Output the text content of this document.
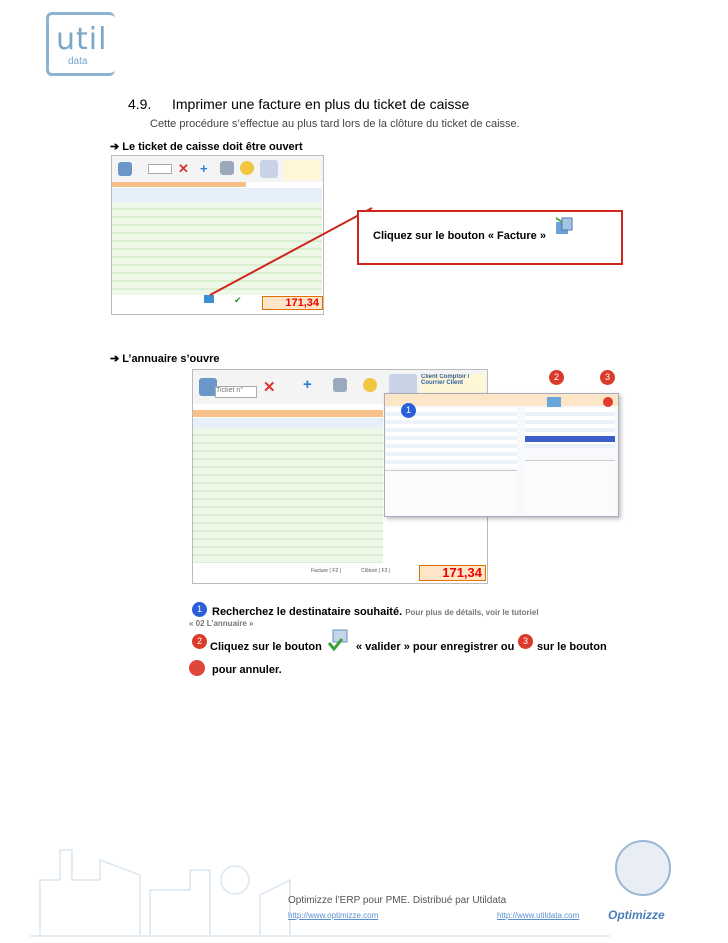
util
data
4.9. Imprimer une facture en plus du ticket de caisse
Cette procédure s’effectue au plus tard lors de la clôture du ticket de caisse.
➔ Le ticket de caisse doit être ouvert
✕ +
✔	171,34
Cliquez sur le bouton « Facture »
➔ L’annuaire s’ouvre
Ticket n°	✕ +	Client Comptoir / Courrier Client
Facture ( F2 )	Clôturé ( F3 )	171,34
1
2	3
1 Recherchez le destinataire souhaité. Pour plus de détails, voir le tutoriel
« 02 L’annuaire »
2 Cliquez sur le bouton	« valider » pour enregistrer ou 3 sur le bouton
pour annuler.
Optimizze l’ERP pour PME. Distribué par Utildata
http://www.optimizze.com	http://www.utildata.com Optimizze
